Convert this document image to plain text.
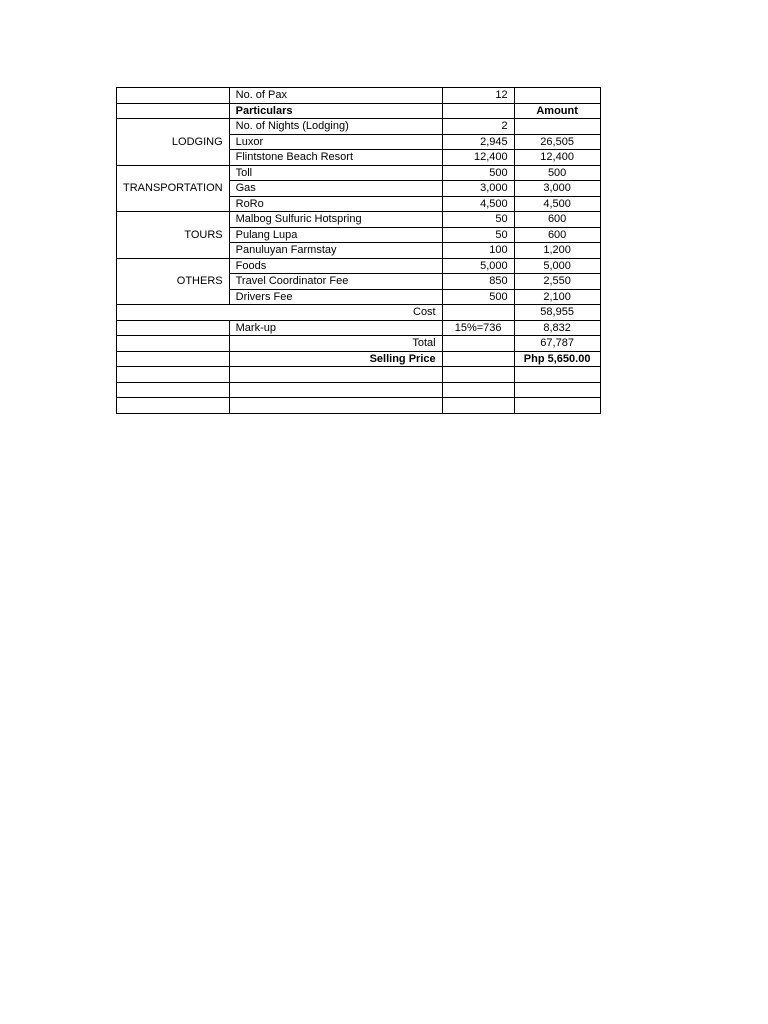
	No. of Pax	12	
	Particulars		Amount
LODGING	No. of Nights (Lodging)	2	
	Luxor	2,945	26,505
	Flintstone Beach Resort	12,400	12,400
TRANSPORTATION	Toll	500	500
	Gas	3,000	3,000
	RoRo	4,500	4,500
TOURS	Malbog Sulfuric Hotspring	50	600
	Pulang Lupa	50	600
	Panuluyan Farmstay	100	1,200
OTHERS	Foods	5,000	5,000
	Travel Coordinator Fee	850	2,550
	Drivers Fee	500	2,100
Cost			58,955
	Mark-up	15%=736	8,832
	Total		67,787
	Selling Price		Php 5,650.00
